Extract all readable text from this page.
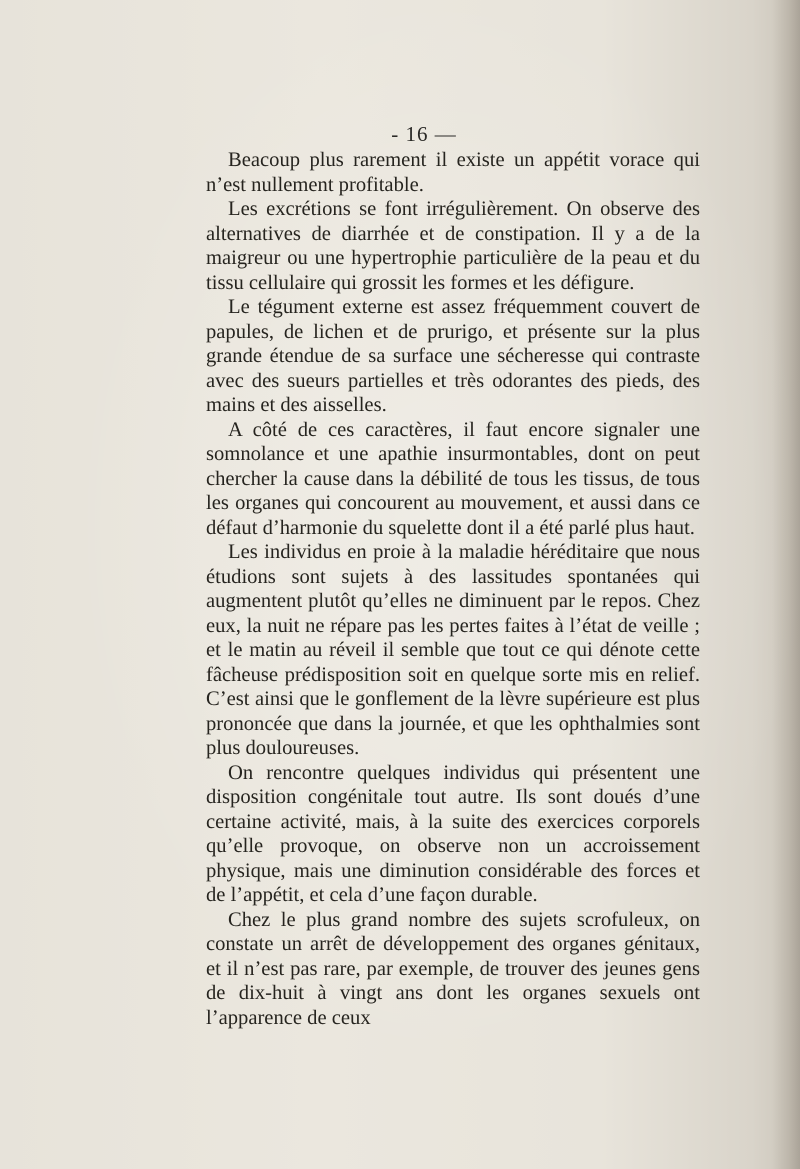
- 16 —

Beacoup plus rarement il existe un appétit vorace qui n’est nullement profitable.

Les excrétions se font irrégulièrement. On observe des alternatives de diarrhée et de constipation. Il y a de la maigreur ou une hypertrophie particulière de la peau et du tissu cellulaire qui grossit les formes et les défigure.

Le tégument externe est assez fréquemment couvert de papules, de lichen et de prurigo, et présente sur la plus grande étendue de sa surface une sécheresse qui contraste avec des sueurs partielles et très odorantes des pieds, des mains et des aisselles.

A côté de ces caractères, il faut encore signaler une somnolance et une apathie insurmontables, dont on peut chercher la cause dans la débilité de tous les tissus, de tous les organes qui concourent au mouvement, et aussi dans ce défaut d’harmonie du squelette dont il a été parlé plus haut.

Les individus en proie à la maladie héréditaire que nous étudions sont sujets à des lassitudes spontanées qui augmentent plutôt qu’elles ne diminuent par le repos. Chez eux, la nuit ne répare pas les pertes faites à l’état de veille ; et le matin au réveil il semble que tout ce qui dénote cette fâcheuse prédisposition soit en quelque sorte mis en relief. C’est ainsi que le gonflement de la lèvre supérieure est plus prononcée que dans la journée, et que les ophthalmies sont plus douloureuses.

On rencontre quelques individus qui présentent une disposition congénitale tout autre. Ils sont doués d’une certaine activité, mais, à la suite des exercices corporels qu’elle provoque, on observe non un accroissement physique, mais une diminution considérable des forces et de l’appétit, et cela d’une façon durable.

Chez le plus grand nombre des sujets scrofuleux, on constate un arrêt de développement des organes génitaux, et il n’est pas rare, par exemple, de trouver des jeunes gens de dix-huit à vingt ans dont les organes sexuels ont l’apparence de ceux
